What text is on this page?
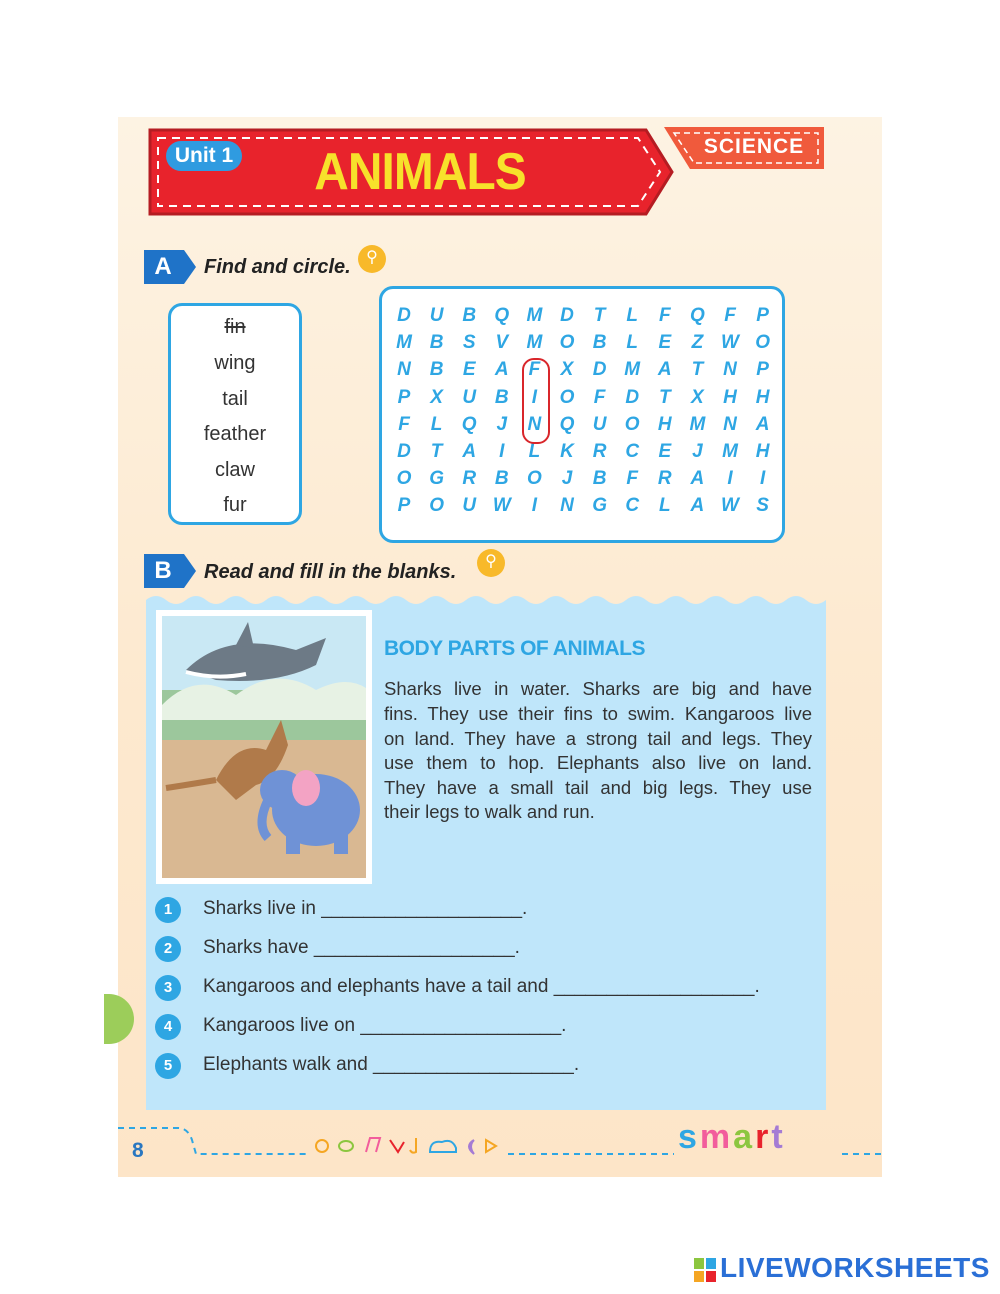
Unit 1 ANIMALS	SCIENCE
A	Find and circle. ⚲
fin
wing
tail
feather
claw
fur
D U B Q M D	T	L	F	Q	F	P
M B	S	V M O B	L	E	Z W O
N B	E	A	F	X	D M A	T	N	P
P	X	U B	I	O	F	D	T	X	H H
F	L	Q	J	N Q U O H M N A
D	T	A	I	L	K R C	E	J	M H
O G R B O	J	B	F	R A	I	I
P O U W	I	N G C	L	A W S
B	Read and fill in the blanks.	⚲
BODY PARTS OF ANIMALS
Sharks live in water. Sharks are big and have
fins. They use their fins to swim. Kangaroos live
on land. They have a strong tail and legs. They
use them to hop. Elephants also live on land.
They have a small tail and big legs. They use
their legs to walk and run.
1	Sharks live in ___________________.
2	Sharks have ___________________.
3	Kangaroos and elephants have a tail and ___________________.
4	Kangaroos live on ___________________.
5	Elephants walk and ___________________.
8	smart
LIVEWORKSHEETS
